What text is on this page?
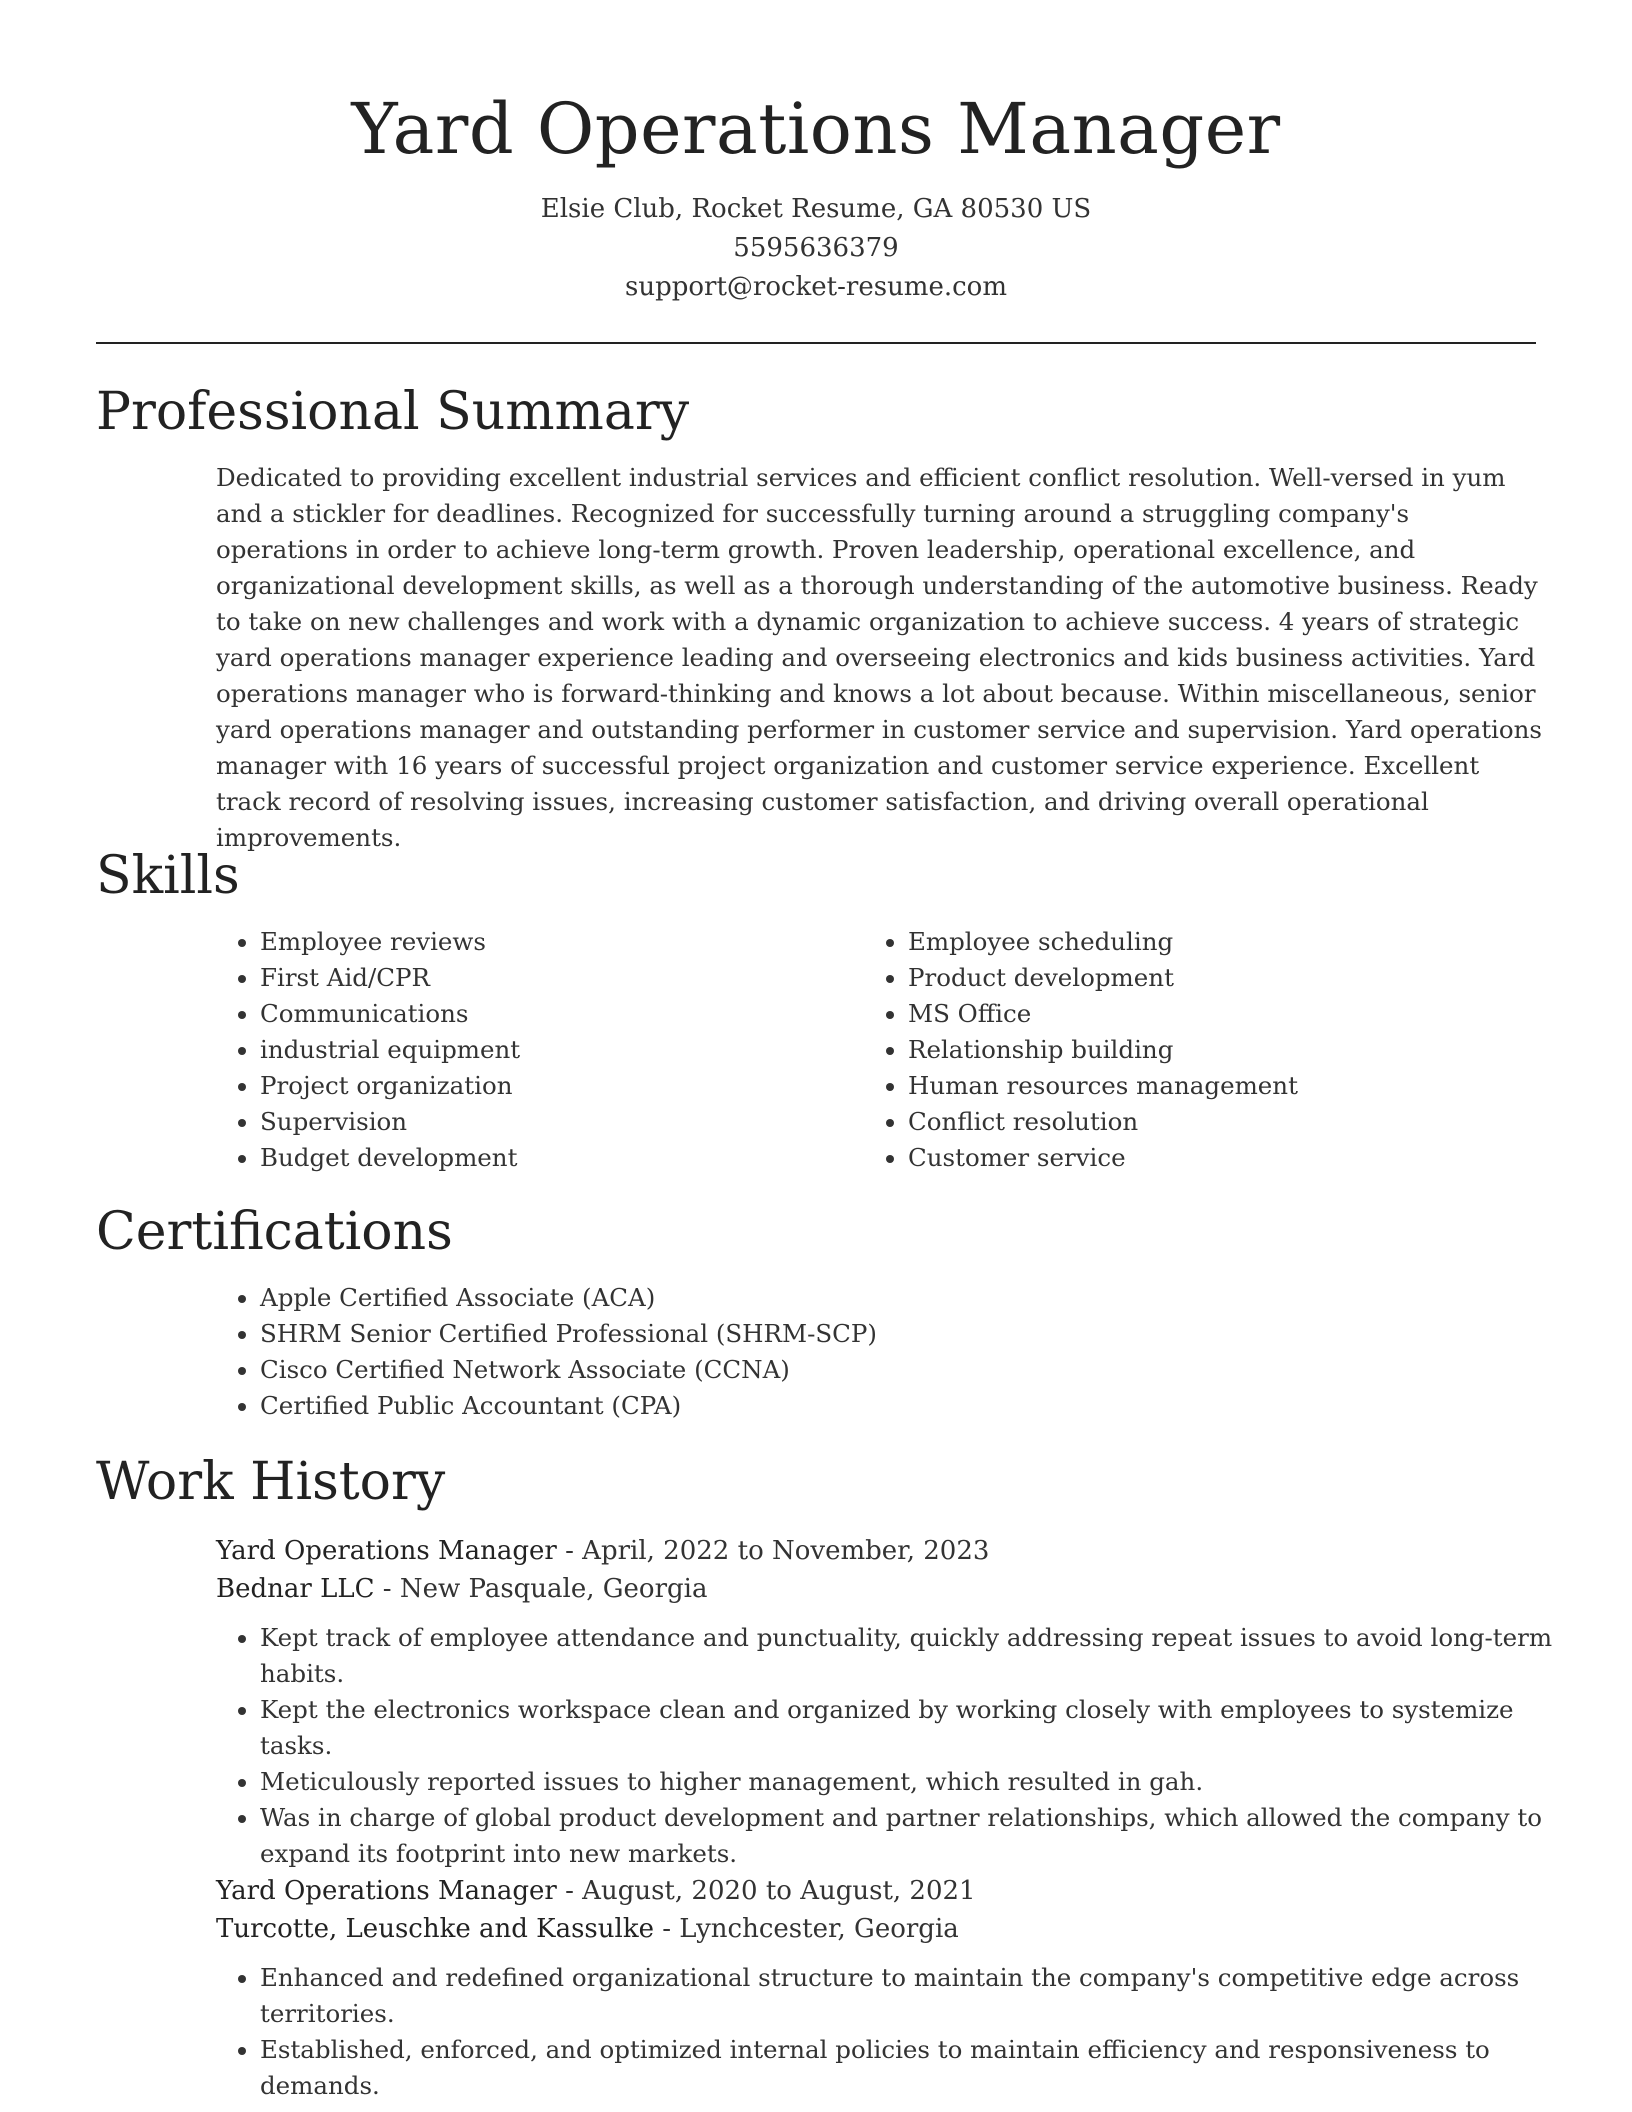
Yard Operations Manager
Elsie Club, Rocket Resume, GA 80530 US
5595636379
support@rocket-resume.com
Professional Summary

Dedicated to providing excellent industrial services and efficient conflict resolution. Well-versed in yum and a stickler for deadlines. Recognized for successfully turning around a struggling company's operations in order to achieve long-term growth. Proven leadership, operational excellence, and organizational development skills, as well as a thorough understanding of the automotive business. Ready to take on new challenges and work with a dynamic organization to achieve success. 4 years of strategic yard operations manager experience leading and overseeing electronics and kids business activities. Yard operations manager who is forward-thinking and knows a lot about because. Within miscellaneous, senior yard operations manager and outstanding performer in customer service and supervision. Yard operations manager with 16 years of successful project organization and customer service experience. Excellent track record of resolving issues, increasing customer satisfaction, and driving overall operational improvements.

Skills
• Employee reviews
• First Aid/CPR
• Communications
• industrial equipment
• Project organization
• Supervision
• Budget development
• Employee scheduling
• Product development
• MS Office
• Relationship building
• Human resources management
• Conflict resolution
• Customer service
Certifications
• Apple Certified Associate (ACA)
• SHRM Senior Certified Professional (SHRM-SCP)
• Cisco Certified Network Associate (CCNA)
• Certified Public Accountant (CPA)
Work History
Yard Operations Manager - April, 2022 to November, 2023
Bednar LLC - New Pasquale, Georgia
• Kept track of employee attendance and punctuality, quickly addressing repeat issues to avoid long-term habits.
• Kept the electronics workspace clean and organized by working closely with employees to systemize tasks.
• Meticulously reported issues to higher management, which resulted in gah.
• Was in charge of global product development and partner relationships, which allowed the company to expand its footprint into new markets.
Yard Operations Manager - August, 2020 to August, 2021
Turcotte, Leuschke and Kassulke - Lynchcester, Georgia
• Enhanced and redefined organizational structure to maintain the company's competitive edge across territories.
• Established, enforced, and optimized internal policies to maintain efficiency and responsiveness to demands.
